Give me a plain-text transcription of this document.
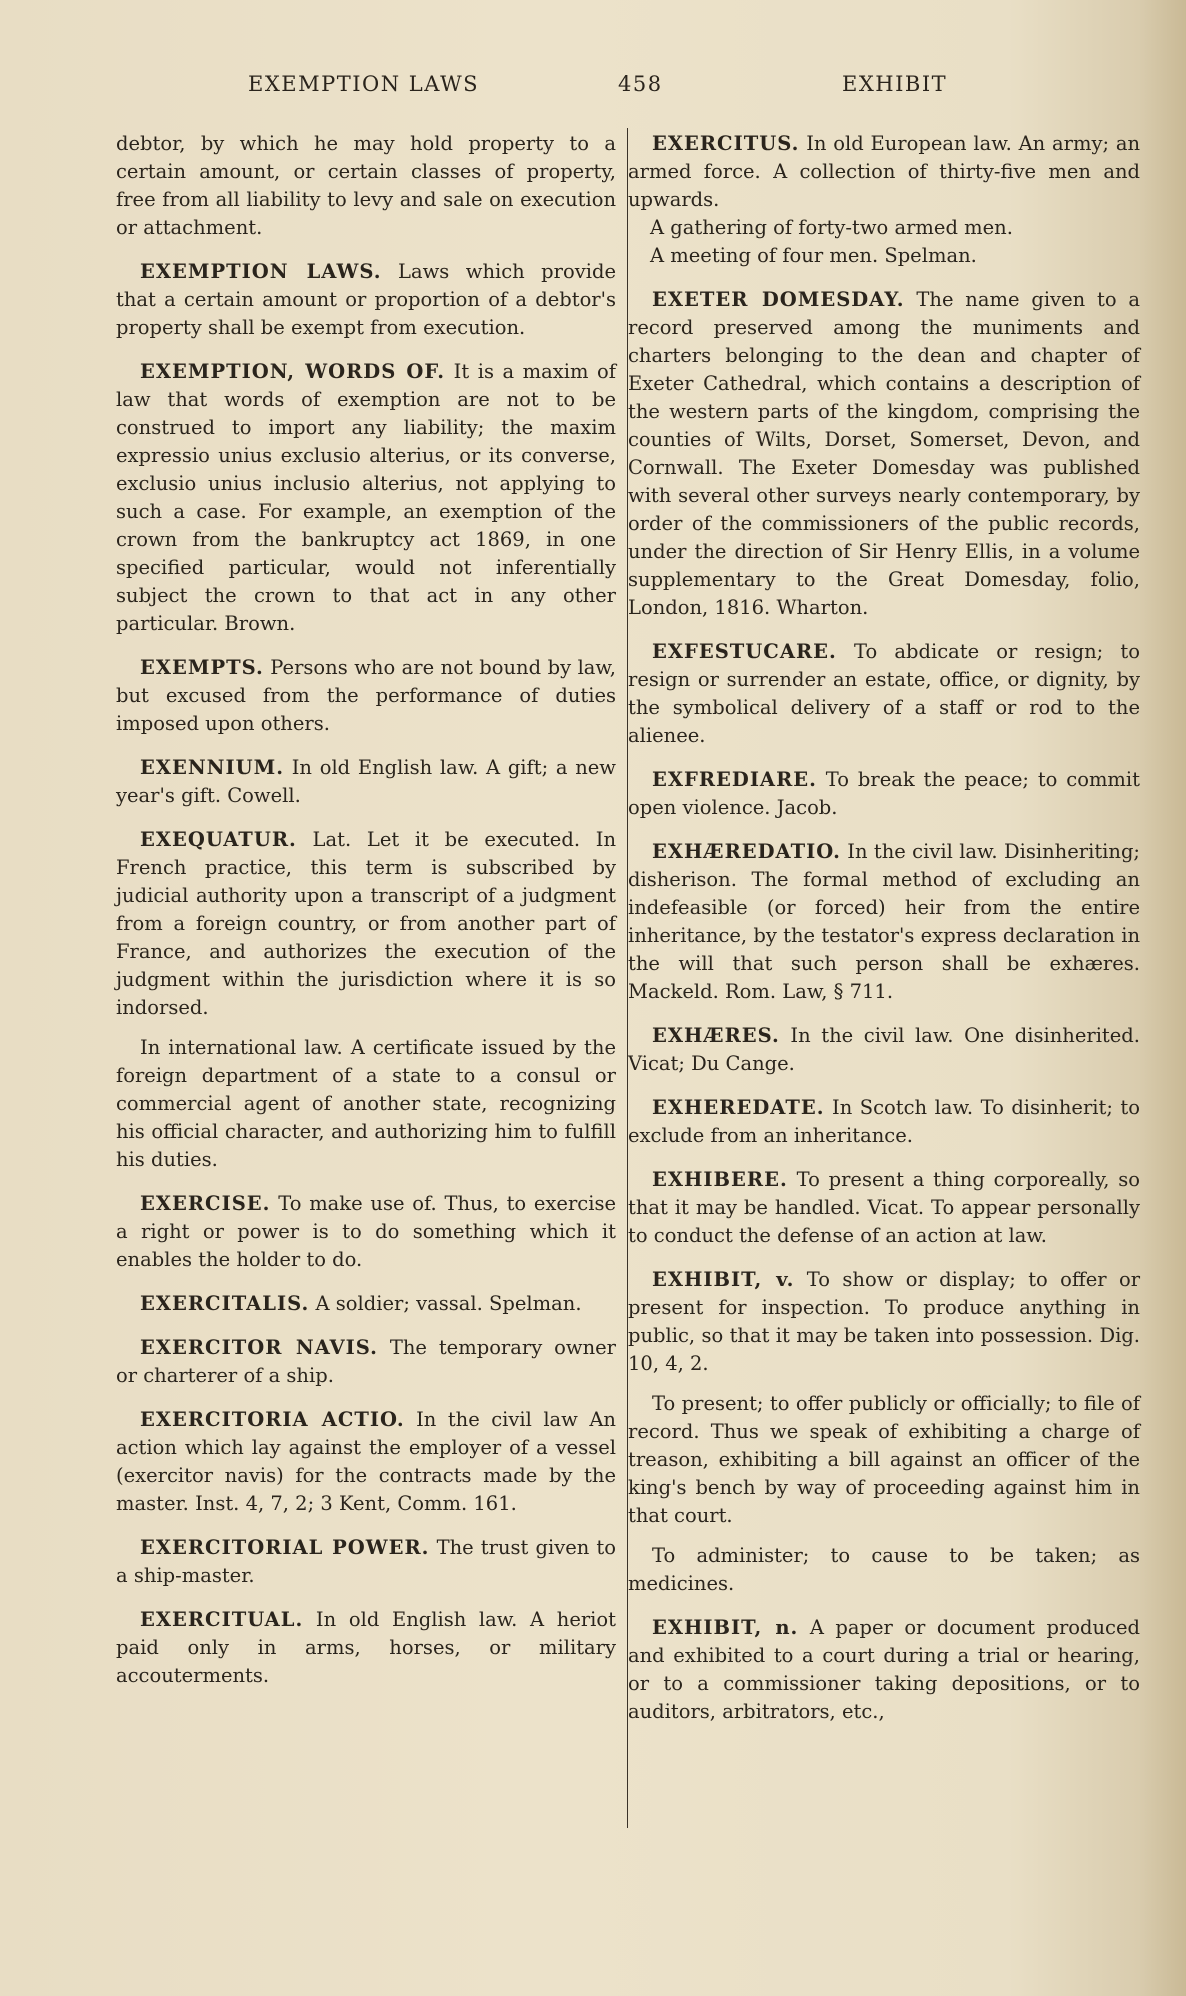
EXEMPTION LAWS	458	EXHIBIT

debtor, by which he may hold property to a certain amount, or certain classes of property, free from all liability to levy and sale on execution or attachment.

EXEMPTION LAWS. Laws which provide that a certain amount or proportion of a debtor's property shall be exempt from execution.

EXEMPTION, WORDS OF. It is a maxim of law that words of exemption are not to be construed to import any liability; the maxim expressio unius exclusio alterius, or its converse, exclusio unius inclusio alterius, not applying to such a case. For example, an exemption of the crown from the bankruptcy act 1869, in one specified particular, would not inferentially subject the crown to that act in any other particular. Brown.

EXEMPTS. Persons who are not bound by law, but excused from the performance of duties imposed upon others.

EXENNIUM. In old English law. A gift; a new year's gift. Cowell.

EXEQUATUR. Lat. Let it be executed. In French practice, this term is subscribed by judicial authority upon a transcript of a judgment from a foreign country, or from another part of France, and authorizes the execution of the judgment within the jurisdiction where it is so indorsed.

In international law. A certificate issued by the foreign department of a state to a consul or commercial agent of another state, recognizing his official character, and authorizing him to fulfill his duties.

EXERCISE. To make use of. Thus, to exercise a right or power is to do something which it enables the holder to do.

EXERCITALIS. A soldier; vassal. Spelman.

EXERCITOR NAVIS. The temporary owner or charterer of a ship.

EXERCITORIA ACTIO. In the civil law An action which lay against the employer of a vessel (exercitor navis) for the contracts made by the master. Inst. 4, 7, 2; 3 Kent, Comm. 161.

EXERCITORIAL POWER. The trust given to a ship-master.

EXERCITUAL. In old English law. A heriot paid only in arms, horses, or military accouterments.

EXERCITUS. In old European law. An army; an armed force. A collection of thirty-five men and upwards.

A gathering of forty-two armed men.

A meeting of four men. Spelman.

EXETER DOMESDAY. The name given to a record preserved among the muniments and charters belonging to the dean and chapter of Exeter Cathedral, which contains a description of the western parts of the kingdom, comprising the counties of Wilts, Dorset, Somerset, Devon, and Cornwall. The Exeter Domesday was published with several other surveys nearly contemporary, by order of the commissioners of the public records, under the direction of Sir Henry Ellis, in a volume supplementary to the Great Domesday, folio, London, 1816. Wharton.

EXFESTUCARE. To abdicate or resign; to resign or surrender an estate, office, or dignity, by the symbolical delivery of a staff or rod to the alienee.

EXFREDIARE. To break the peace; to commit open violence. Jacob.

EXHÆREDATIO. In the civil law. Disinheriting; disherison. The formal method of excluding an indefeasible (or forced) heir from the entire inheritance, by the testator's express declaration in the will that such person shall be exhæres. Mackeld. Rom. Law, § 711.

EXHÆRES. In the civil law. One disinherited. Vicat; Du Cange.

EXHEREDATE. In Scotch law. To disinherit; to exclude from an inheritance.

EXHIBERE. To present a thing corporeally, so that it may be handled. Vicat. To appear personally to conduct the defense of an action at law.

EXHIBIT, v. To show or display; to offer or present for inspection. To produce anything in public, so that it may be taken into possession. Dig. 10, 4, 2.

To present; to offer publicly or officially; to file of record. Thus we speak of exhibiting a charge of treason, exhibiting a bill against an officer of the king's bench by way of proceeding against him in that court.

To administer; to cause to be taken; as medicines.

EXHIBIT, n. A paper or document produced and exhibited to a court during a trial or hearing, or to a commissioner taking depositions, or to auditors, arbitrators, etc.,
